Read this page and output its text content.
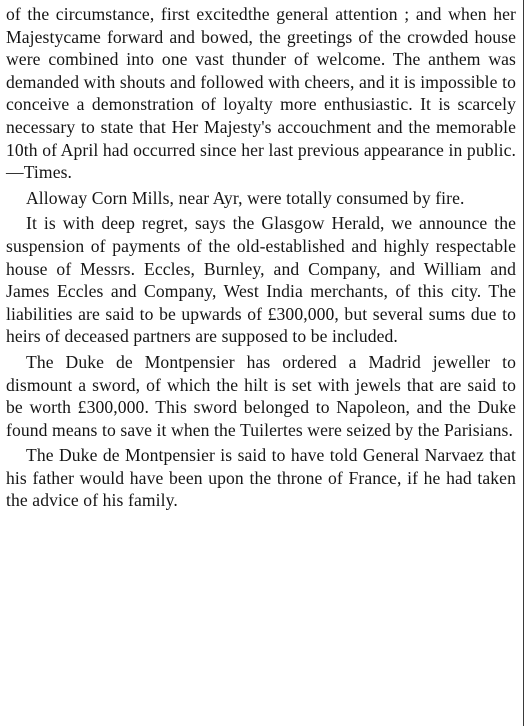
of the circumstance, first excitedthe general attention ; and when her Majestycame forward and bowed, the greetings of the crowded house were combined into one vast thunder of welcome. The anthem was demanded with shouts and followed with cheers, and it is impossible to conceive a demonstration of loyalty more enthusiastic. It is scarcely necessary to state that Her Majesty's accouchment and the memorable 10th of April had occurred since her last previous appearance in public.—Times.

Alloway Corn Mills, near Ayr, were totally consumed by fire.

It is with deep regret, says the Glasgow Herald, we announce the suspension of payments of the old-established and highly respectable house of Messrs. Eccles, Burnley, and Company, and William and James Eccles and Company, West India merchants, of this city. The liabilities are said to be upwards of £300,000, but several sums due to heirs of deceased partners are supposed to be included.

The Duke de Montpensier has ordered a Madrid jeweller to dismount a sword, of which the hilt is set with jewels that are said to be worth £300,000. This sword belonged to Napoleon, and the Duke found means to save it when the Tuilertes were seized by the Parisians.

The Duke de Montpensier is said to have told General Narvaez that his father would have been upon the throne of France, if he had taken the advice of his family.
